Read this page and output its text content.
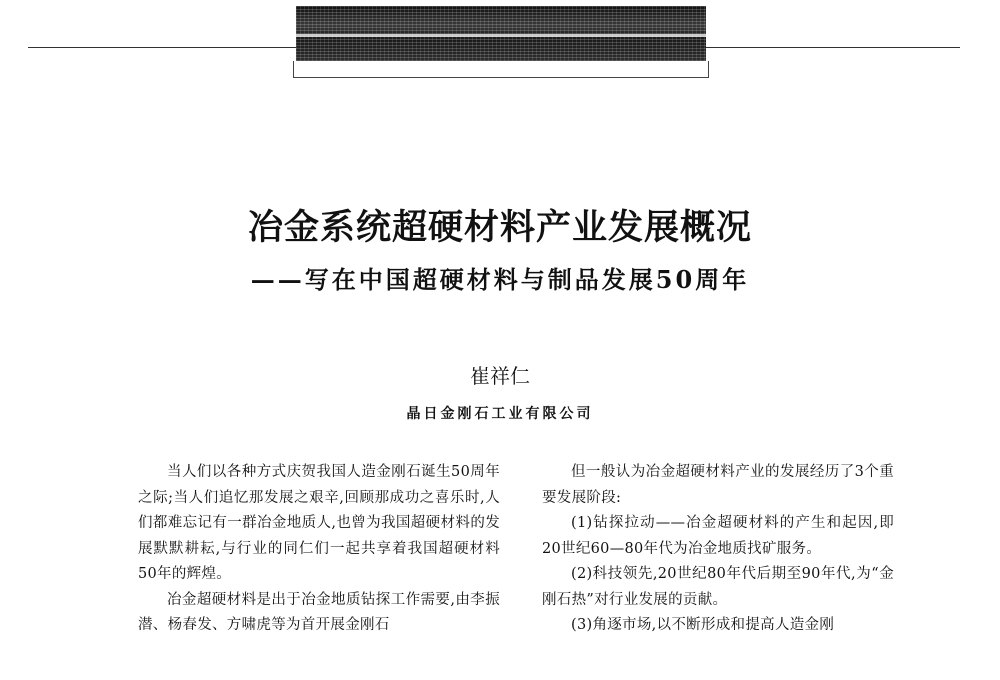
冶金系统超硬材料产业发展概况
——写在中国超硬材料与制品发展50周年
崔祥仁
晶日金刚石工业有限公司

当人们以各种方式庆贺我国人造金刚石诞生50周年之际;当人们追忆那发展之艰辛,回顾那成功之喜乐时,人们都难忘记有一群冶金地质人,也曾为我国超硬材料的发展默默耕耘,与行业的同仁们一起共享着我国超硬材料50年的辉煌。

冶金超硬材料是出于冶金地质钻探工作需要,由李振潜、杨春发、方啸虎等为首开展金刚石

但一般认为冶金超硬材料产业的发展经历了3个重要发展阶段:

(1)钻探拉动——冶金超硬材料的产生和起因,即20世纪60—80年代为冶金地质找矿服务。

(2)科技领先,20世纪80年代后期至90年代,为“金刚石热”对行业发展的贡献。

(3)角逐市场,以不断形成和提高人造金刚
